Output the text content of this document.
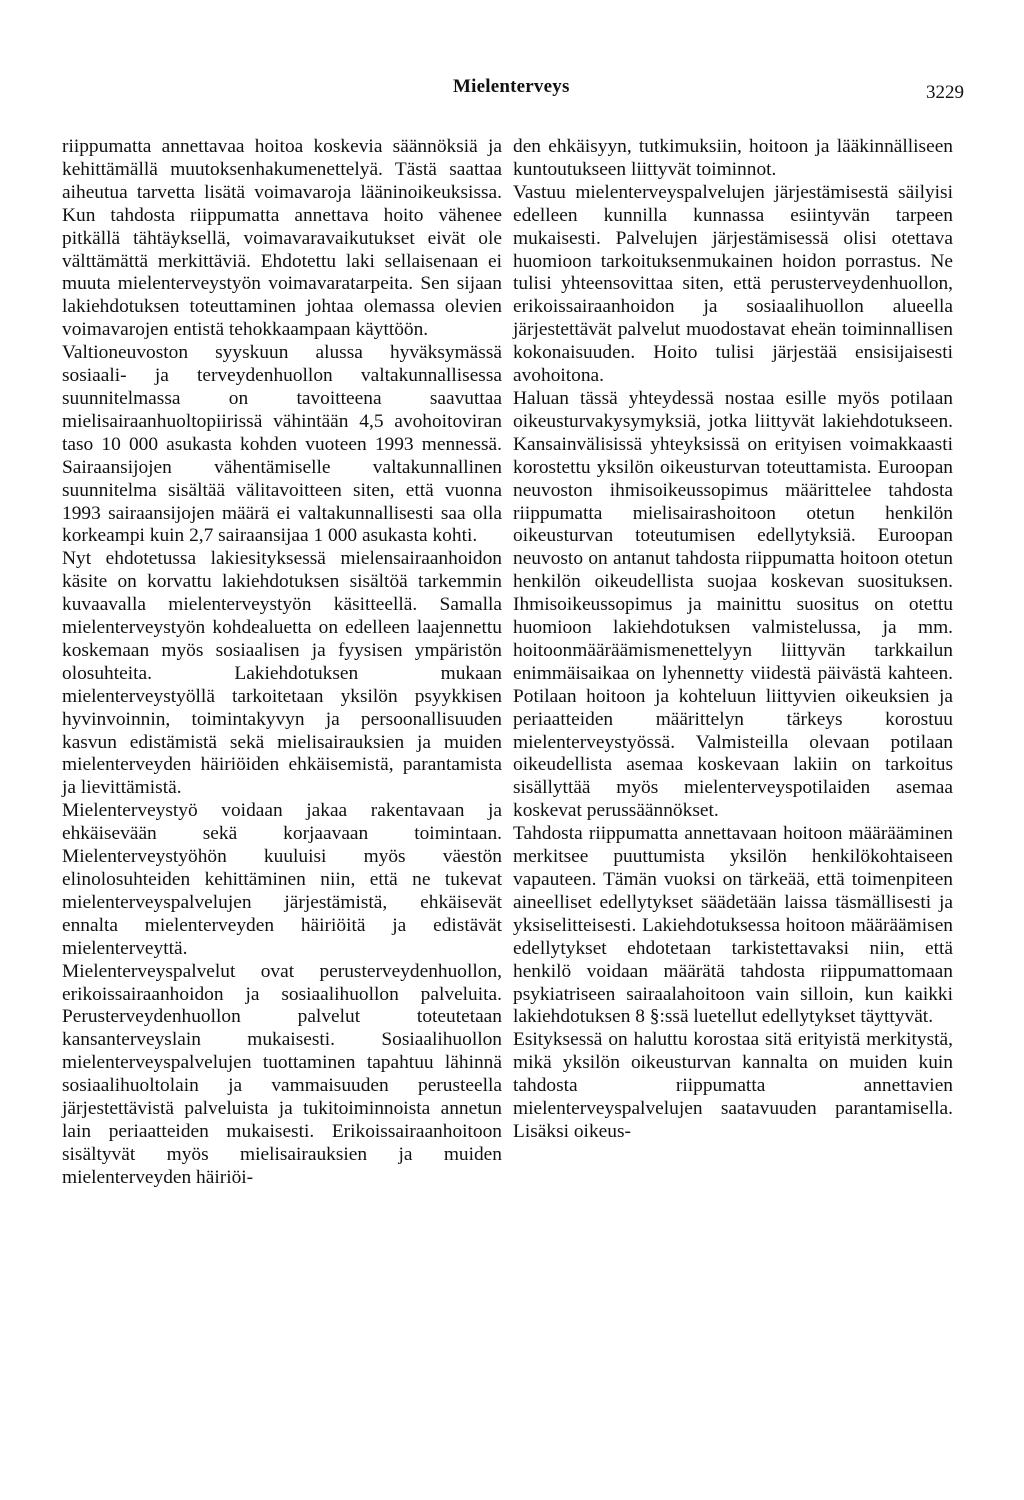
Mielenterveys	3229

riippumatta annettavaa hoitoa koskevia säännöksiä ja kehittämällä muutoksenhakumenettelyä. Tästä saattaa aiheutua tarvetta lisätä voimavaroja lääninoikeuksissa. Kun tahdosta riippumatta annettava hoito vähenee pitkällä tähtäyksellä, voimavaravaikutukset eivät ole välttämättä merkittäviä. Ehdotettu laki sellaisenaan ei muuta mielenterveystyön voimavaratarpeita. Sen sijaan lakiehdotuksen toteuttaminen johtaa olemassa olevien voimavarojen entistä tehokkaampaan käyttöön.

Valtioneuvoston syyskuun alussa hyväksymässä sosiaali- ja terveydenhuollon valtakunnallisessa suunnitelmassa on tavoitteena saavuttaa mielisairaanhuoltopiirissä vähintään 4,5 avohoitoviran taso 10 000 asukasta kohden vuoteen 1993 mennessä. Sairaansijojen vähentämiselle valtakunnallinen suunnitelma sisältää välitavoitteen siten, että vuonna 1993 sairaansijojen määrä ei valtakunnallisesti saa olla korkeampi kuin 2,7 sairaansijaa 1 000 asukasta kohti.

Nyt ehdotetussa lakiesityksessä mielensairaanhoidon käsite on korvattu lakiehdotuksen sisältöä tarkemmin kuvaavalla mielenterveystyön käsitteellä. Samalla mielenterveystyön kohdealuetta on edelleen laajennettu koskemaan myös sosiaalisen ja fyysisen ympäristön olosuhteita. Lakiehdotuksen mukaan mielenterveystyöllä tarkoitetaan yksilön psyykkisen hyvinvoinnin, toimintakyvyn ja persoonallisuuden kasvun edistämistä sekä mielisairauksien ja muiden mielenterveyden häiriöiden ehkäisemistä, parantamista ja lievittämistä.

Mielenterveystyö voidaan jakaa rakentavaan ja ehkäisevään sekä korjaavaan toimintaan. Mielenterveystyöhön kuuluisi myös väestön elinolosuhteiden kehittäminen niin, että ne tukevat mielenterveyspalvelujen järjestämistä, ehkäisevät ennalta mielenterveyden häiriöitä ja edistävät mielenterveyttä.

Mielenterveyspalvelut ovat perusterveydenhuollon, erikoissairaanhoidon ja sosiaalihuollon palveluita. Perusterveydenhuollon palvelut toteutetaan kansanterveyslain mukaisesti. Sosiaalihuollon mielenterveyspalvelujen tuottaminen tapahtuu lähinnä sosiaalihuoltolain ja vammaisuuden perusteella järjestettävistä palveluista ja tukitoiminnoista annetun lain periaatteiden mukaisesti. Erikoissairaanhoitoon sisältyvät myös mielisairauksien ja muiden mielenterveyden häiriöi-

den ehkäisyyn, tutkimuksiin, hoitoon ja lääkinnälliseen kuntoutukseen liittyvät toiminnot.

Vastuu mielenterveyspalvelujen järjestämisestä säilyisi edelleen kunnilla kunnassa esiintyvän tarpeen mukaisesti. Palvelujen järjestämisessä olisi otettava huomioon tarkoituksenmukainen hoidon porrastus. Ne tulisi yhteensovittaa siten, että perusterveydenhuollon, erikoissairaanhoidon ja sosiaalihuollon alueella järjestettävät palvelut muodostavat eheän toiminnallisen kokonaisuuden. Hoito tulisi järjestää ensisijaisesti avohoitona.

Haluan tässä yhteydessä nostaa esille myös potilaan oikeusturvakysymyksiä, jotka liittyvät lakiehdotukseen. Kansainvälisissä yhteyksissä on erityisen voimakkaasti korostettu yksilön oikeusturvan toteuttamista. Euroopan neuvoston ihmisoikeussopimus määrittelee tahdosta riippumatta mielisairashoitoon otetun henkilön oikeusturvan toteutumisen edellytyksiä. Euroopan neuvosto on antanut tahdosta riippumatta hoitoon otetun henkilön oikeudellista suojaa koskevan suosituksen. Ihmisoikeussopimus ja mainittu suositus on otettu huomioon lakiehdotuksen valmistelussa, ja mm. hoitoonmääräämismenettelyyn liittyvän tarkkailun enimmäisaikaa on lyhennetty viidestä päivästä kahteen. Potilaan hoitoon ja kohteluun liittyvien oikeuksien ja periaatteiden määrittelyn tärkeys korostuu mielenterveystyössä. Valmisteilla olevaan potilaan oikeudellista asemaa koskevaan lakiin on tarkoitus sisällyttää myös mielenterveyspotilaiden asemaa koskevat perussäännökset.

Tahdosta riippumatta annettavaan hoitoon määrääminen merkitsee puuttumista yksilön henkilökohtaiseen vapauteen. Tämän vuoksi on tärkeää, että toimenpiteen aineelliset edellytykset säädetään laissa täsmällisesti ja yksiselitteisesti. Lakiehdotuksessa hoitoon määräämisen edellytykset ehdotetaan tarkistettavaksi niin, että henkilö voidaan määrätä tahdosta riippumattomaan psykiatriseen sairaalahoitoon vain silloin, kun kaikki lakiehdotuksen 8 §:ssä luetellut edellytykset täyttyvät.

Esityksessä on haluttu korostaa sitä erityistä merkitystä, mikä yksilön oikeusturvan kannalta on muiden kuin tahdosta riippumatta annettavien mielenterveyspalvelujen saatavuuden parantamisella. Lisäksi oikeus-
